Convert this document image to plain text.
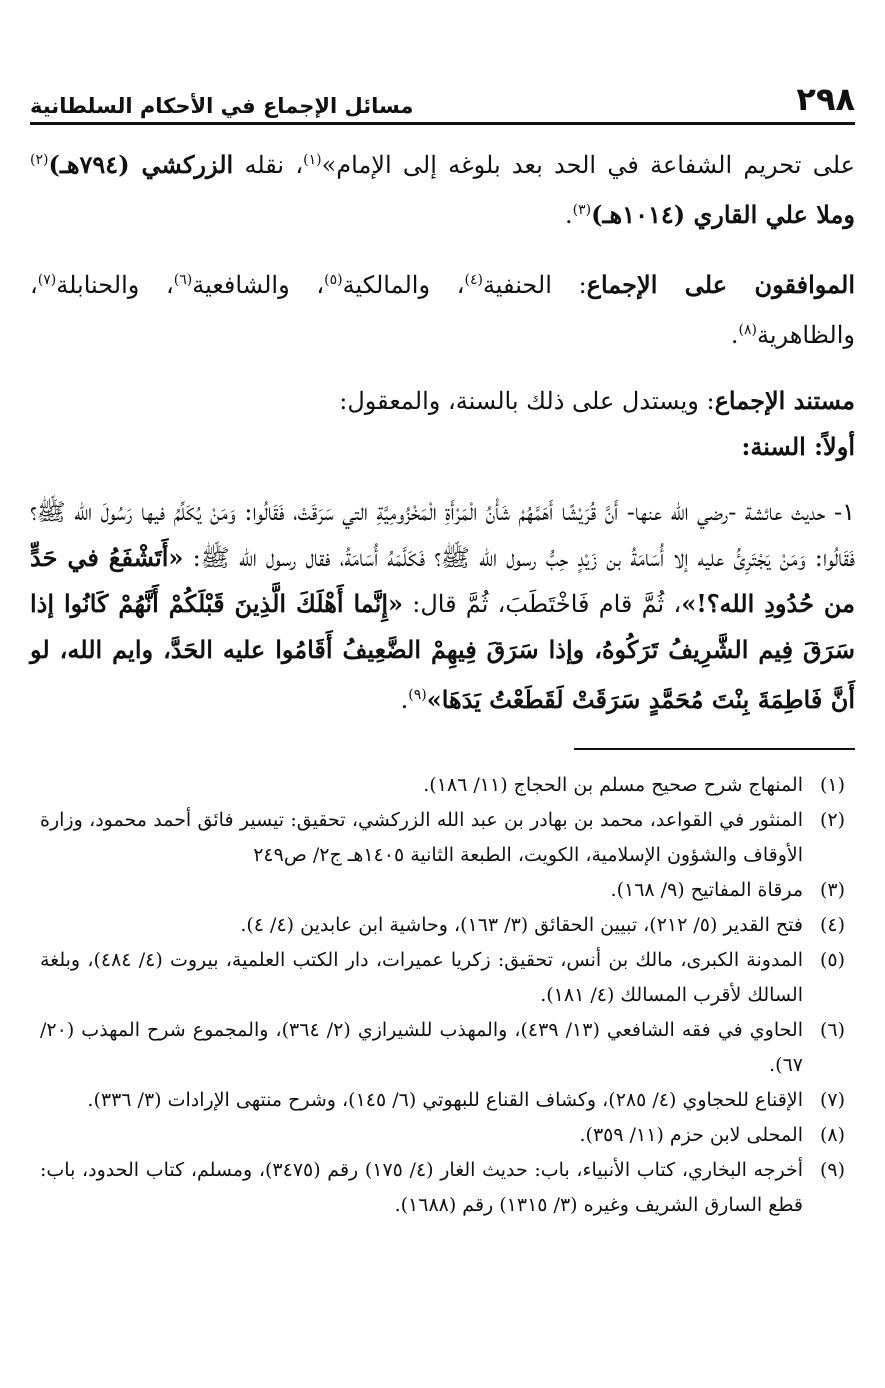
٢٩٨
مسائل الإجماع في الأحكام السلطانية

على تحريم الشفاعة في الحد بعد بلوغه إلى الإمام»$^{(١)}$، نقله الزركشي (٧٩٤هـ)$^{(٢)}$ وملا علي القاري (١٠١٤هـ)$^{(٣)}$.

الموافقون على الإجماع: الحنفية$^{(٤)}$، والمالكية$^{(٥)}$، والشافعية$^{(٦)}$، والحنابلة$^{(٧)}$، والظاهرية$^{(٨)}$.

مستند الإجماع: ويستدل على ذلك بالسنة، والمعقول:

أولاً: السنة:

١- حديث عائشة -رضي الله عنها- أَنَّ قُرَيْشًا أَهَمَّهُمْ شَأْنُ الْمَرْأَةِ الْمَخْزُومِيَّةِ التي سَرَقَتْ، فَقَالُوا: وَمَنْ يُكَلِّمُ فيها رَسُولَ الله ﷺ؟ فَقَالُوا: وَمَنْ يَجْتَرِئُ عليه إلا أُسَامَةُ بن زَيْدٍ حِبُّ رسول الله ﷺ؟ فَكَلَّمَهُ أُسَامَةُ، فقال رسول الله ﷺ: «أَتَشْفَعُ في حَدٍّ من حُدُودِ الله؟!»، ثُمَّ قام فَاخْتَطَبَ، ثُمَّ قال: «إِنَّما أَهْلَكَ الَّذِينَ قَبْلَكُمْ أَنَّهُمْ كَانُوا إذا سَرَقَ فِيم الشَّرِيفُ تَرَكُوهُ، وإذا سَرَقَ فِيهِمْ الضَّعِيفُ أَقَامُوا عليه الحَدَّ، وايم الله، لو أَنَّ فَاطِمَةَ بِنْتَ مُحَمَّدٍ سَرَقَتْ لَقَطَعْتُ يَدَهَا»$^{(٩)}$.

(١)
المنهاج شرح صحيح مسلم بن الحجاج (١١/ ١٨٦).
(٢)
المنثور في القواعد، محمد بن بهادر بن عبد الله الزركشي، تحقيق: تيسير فائق أحمد محمود، وزارة الأوقاف والشؤون الإسلامية، الكويت، الطبعة الثانية ١٤٠٥هـ ج٢/ ص٢٤٩
(٣)
مرقاة المفاتيح (٩/ ١٦٨).
(٤)
فتح القدير (٥/ ٢١٢)، تبيين الحقائق (٣/ ١٦٣)، وحاشية ابن عابدين (٤/ ٤).
(٥)
المدونة الكبرى، مالك بن أنس، تحقيق: زكريا عميرات، دار الكتب العلمية، بيروت (٤/ ٤٨٤)، وبلغة السالك لأقرب المسالك (٤/ ١٨١).
(٦)
الحاوي في فقه الشافعي (١٣/ ٤٣٩)، والمهذب للشيرازي (٢/ ٣٦٤)، والمجموع شرح المهذب (٢٠/ ٦٧).
(٧)
الإقناع للحجاوي (٤/ ٢٨٥)، وكشاف القناع للبهوتي (٦/ ١٤٥)، وشرح منتهى الإرادات (٣/ ٣٣٦).
(٨)
المحلى لابن حزم (١١/ ٣٥٩).
(٩)
أخرجه البخاري، كتاب الأنبياء، باب: حديث الغار (٤/ ١٧٥) رقم (٣٤٧٥)، ومسلم، كتاب الحدود، باب: قطع السارق الشريف وغيره (٣/ ١٣١٥) رقم (١٦٨٨).
